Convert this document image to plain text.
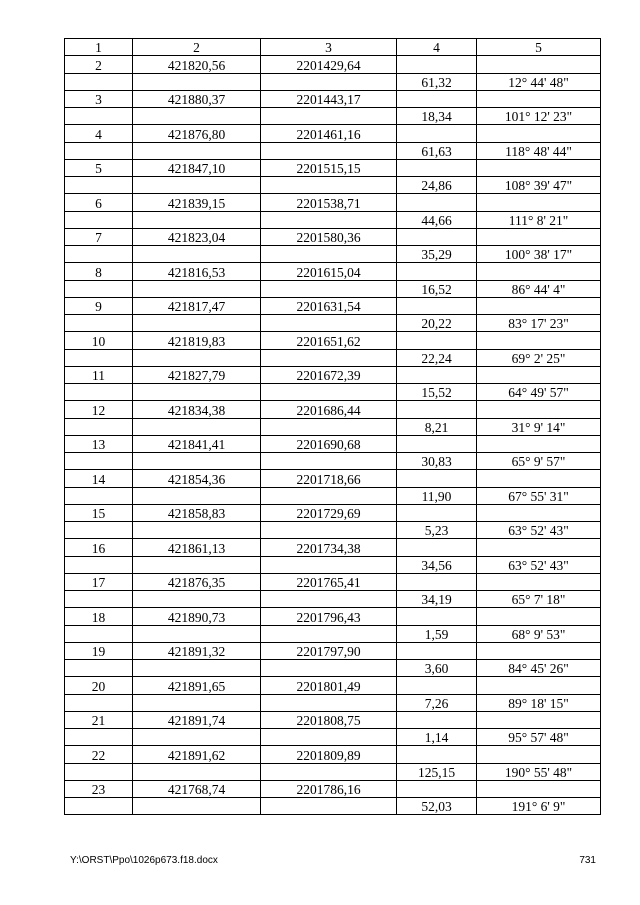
1	2	3	4	5
2	421820,56	2201429,64		
			61,32	12° 44' 48"
3	421880,37	2201443,17		
			18,34	101° 12' 23"
4	421876,80	2201461,16		
			61,63	118° 48' 44"
5	421847,10	2201515,15		
			24,86	108° 39' 47"
6	421839,15	2201538,71		
			44,66	111° 8' 21"
7	421823,04	2201580,36		
			35,29	100° 38' 17"
8	421816,53	2201615,04		
			16,52	86° 44' 4"
9	421817,47	2201631,54		
			20,22	83° 17' 23"
10	421819,83	2201651,62		
			22,24	69° 2' 25"
11	421827,79	2201672,39		
			15,52	64° 49' 57"
12	421834,38	2201686,44		
			8,21	31° 9' 14"
13	421841,41	2201690,68		
			30,83	65° 9' 57"
14	421854,36	2201718,66		
			11,90	67° 55' 31"
15	421858,83	2201729,69		
			5,23	63° 52' 43"
16	421861,13	2201734,38		
			34,56	63° 52' 43"
17	421876,35	2201765,41		
			34,19	65° 7' 18"
18	421890,73	2201796,43		
			1,59	68° 9' 53"
19	421891,32	2201797,90		
			3,60	84° 45' 26"
20	421891,65	2201801,49		
			7,26	89° 18' 15"
21	421891,74	2201808,75		
			1,14	95° 57' 48"
22	421891,62	2201809,89		
			125,15	190° 55' 48"
23	421768,74	2201786,16		
			52,03	191° 6' 9"
Y:\ORST\Ppo\1026p673.f18.docx	731
